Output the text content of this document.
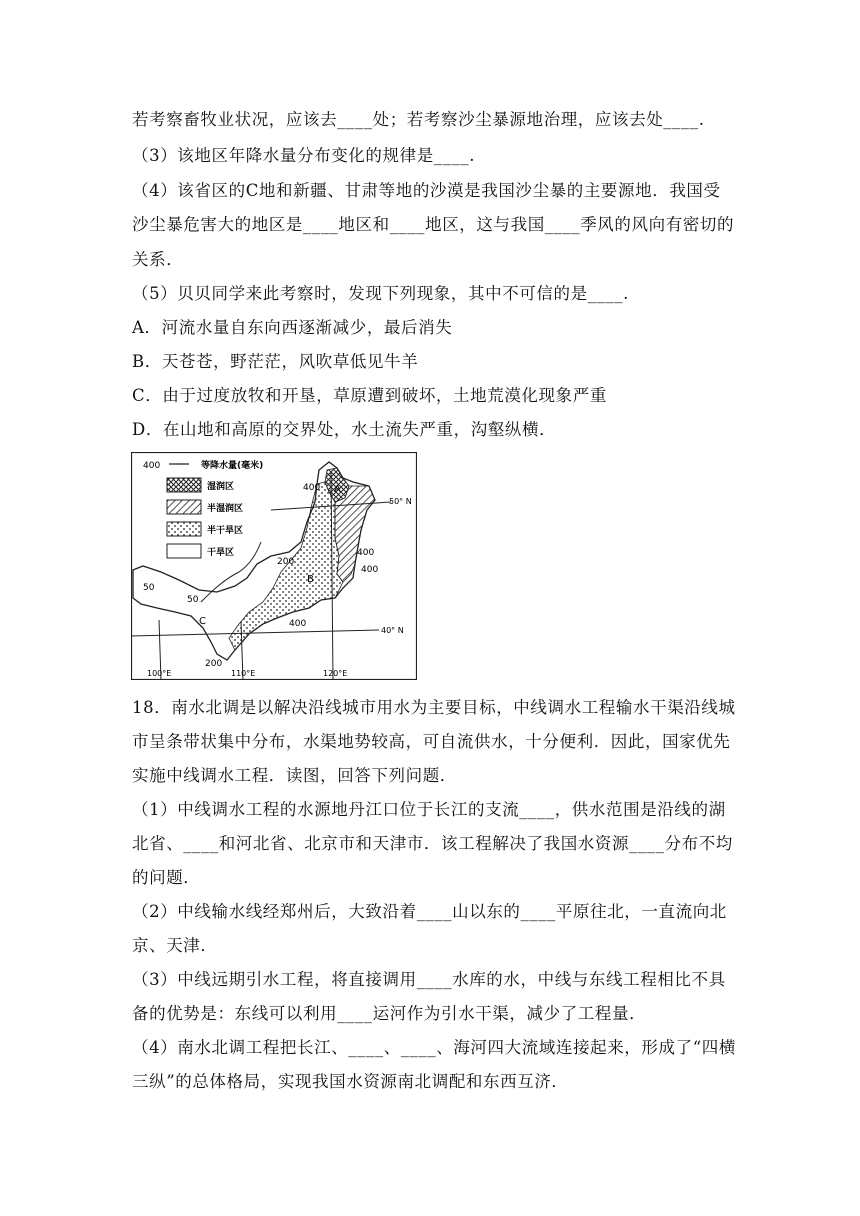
若考察畜牧业状况，应该去____处；若考察沙尘暴源地治理，应该去处____.
（3）该地区年降水量分布变化的规律是____.
（4）该省区的C地和新疆、甘肃等地的沙漠是我国沙尘暴的主要源地．我国受
沙尘暴危害大的地区是____地区和____地区，这与我国____季风的风向有密切的
关系．
（5）贝贝同学来此考察时，发现下列现象，其中不可信的是____.
A．河流水量自东向西逐渐减少，最后消失
B．天苍苍，野茫茫，风吹草低见牛羊
C．由于过度放牧和开垦，草原遭到破坏，土地荒漠化现象严重
D．在山地和高原的交界处，水土流失严重，沟壑纵横．
400	等降水量(毫米)
湿润区
半湿润区
半干旱区
干旱区
400
400
400
200
400
50
50
200
A
B
C
50° N
40° N
100°E	110°E	120°E
18．南水北调是以解决沿线城市用水为主要目标，中线调水工程输水干渠沿线城
市呈条带状集中分布，水渠地势较高，可自流供水，十分便利．因此，国家优先
实施中线调水工程．读图，回答下列问题．
（1）中线调水工程的水源地丹江口位于长江的支流____，供水范围是沿线的湖
北省、____和河北省、北京市和天津市．该工程解决了我国水资源____分布不均
的问题．
（2）中线输水线经郑州后，大致沿着____山以东的____平原往北，一直流向北
京、天津．
（3）中线远期引水工程，将直接调用____水库的水，中线与东线工程相比不具
备的优势是：东线可以利用____运河作为引水干渠，减少了工程量．
（4）南水北调工程把长江、____、____、海河四大流域连接起来，形成了“四横
三纵”的总体格局，实现我国水资源南北调配和东西互济．
